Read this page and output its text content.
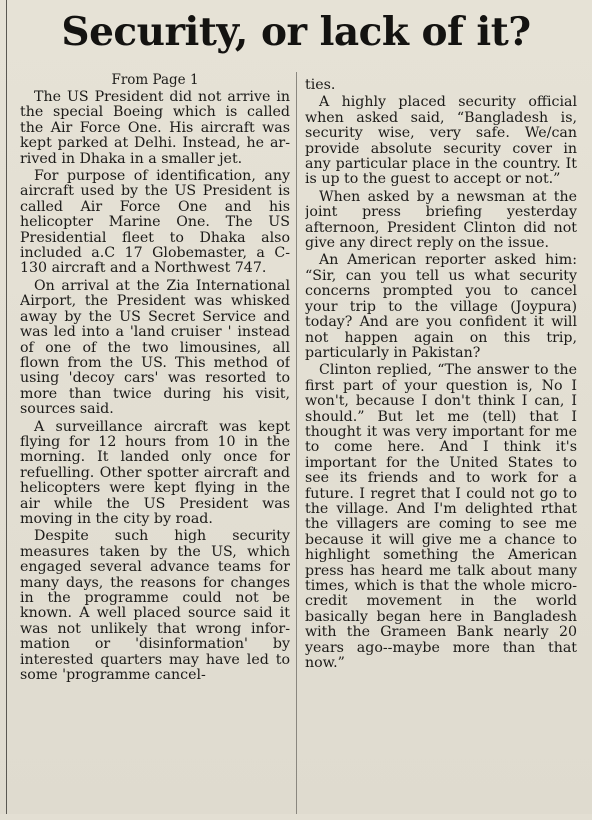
Security, or lack of it?
From Page 1

The US President did not arrive in the special Boeing which is called the Air Force One. His aircraft was kept parked at Delhi. Instead, he arrived in Dhaka in a smaller jet.

For purpose of identification, any aircraft used by the US President is called Air Force One and his helicopter Marine One. The US Presidential fleet to Dhaka also included a.C 17 Globemaster, a C-130 aircraft and a Northwest 747.

On arrival at the Zia International Airport, the President was whisked away by the US Secret Service and was led into a 'land cruiser ' instead of one of the two limousines, all flown from the US. This method of using 'decoy cars' was resorted to more than twice during his visit, sources said.

A surveillance aircraft was kept flying for 12 hours from 10 in the morning. It landed only once for refuelling. Other spotter aircraft and helicopters were kept flying in the air while the US President was moving in the city by road.

Despite such high security measures taken by the US, which engaged several advance teams for many days, the reasons for changes in the programme could not be known. A well placed source said it was not unlikely that wrong information or 'disinformation' by interested quarters may have led to some 'programme cancel-

ties.

A highly placed security official when asked said, “Bangladesh is, security wise, very safe. We/can provide absolute security cover in any particular place in the country. It is up to the guest to accept or not.”

When asked by a newsman at the joint press briefing yesterday afternoon, President Clinton did not give any direct reply on the issue.

An American reporter asked him: “Sir, can you tell us what security concerns prompted you to cancel your trip to the village (Joypura) today? And are you confident it will not happen again on this trip, particularly in Pakistan?

Clinton replied, “The answer to the first part of your question is, No I won't, because I don't think I can, I should.” But let me (tell) that I thought it was very important for me to come here. And I think it's important for the United States to see its friends and to work for a future. I regret that I could not go to the village. And I'm delighted rthat the villagers are coming to see me because it will give me a chance to highlight something the American press has heard me talk about many times, which is that the whole microcredit movement in the world basically began here in Bangladesh with the Grameen Bank nearly 20 years ago--maybe more than that now.”
